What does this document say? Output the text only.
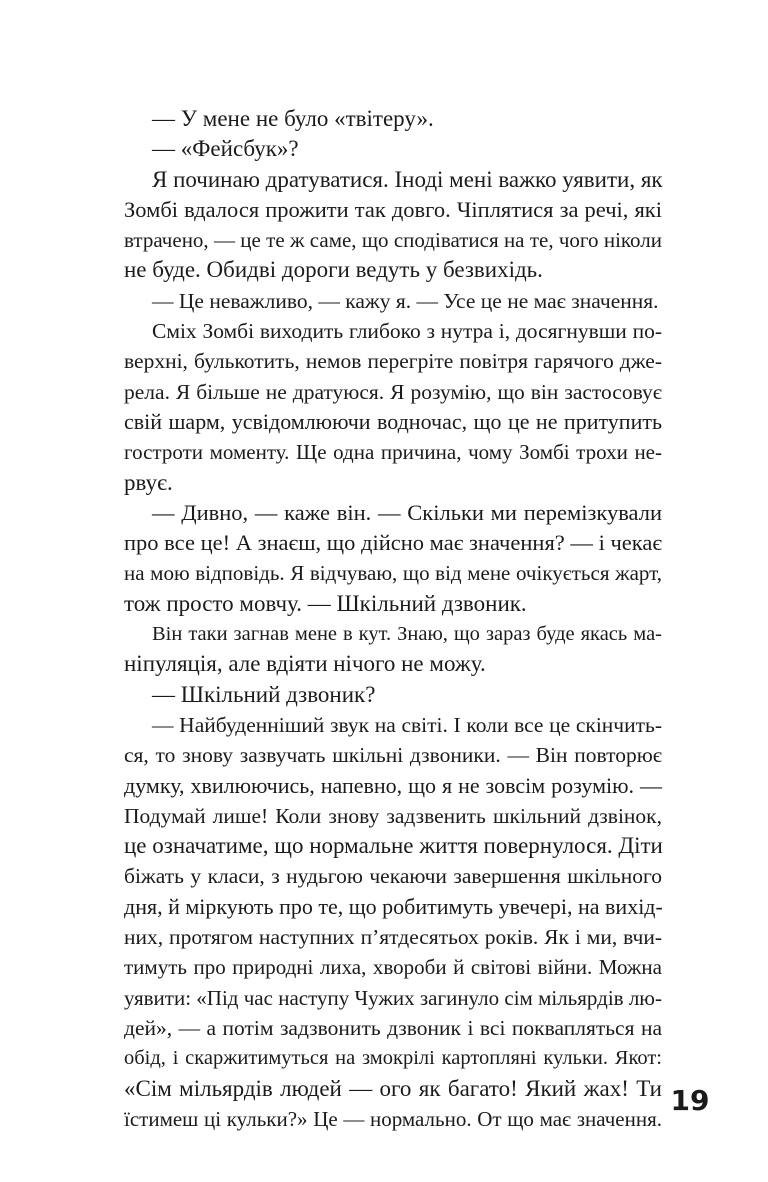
— У мене не було «твітеру».
— «Фейсбук»?
Я починаю дратуватися. Іноді мені важко уявити, як
Зомбі вдалося прожити так довго. Чіплятися за речі, які
втрачено, — це те ж саме, що сподіватися на те, чого ніколи
не буде. Обидві дороги ведуть у безвихідь.
— Це неважливо, — кажу я. — Усе це не має значення.
Сміх Зомбі виходить глибоко з нутра і, досягнувши по-
верхні, булькотить, немов перегріте повітря гарячого дже-
рела. Я більше не дратуюся. Я розумію, що він застосовує
свій шарм, усвідомлюючи водночас, що це не притупить
гостроти моменту. Ще одна причина, чому Зомбі трохи не-
рвує.
— Дивно, — каже він. — Скільки ми перемізкували
про все це! А знаєш, що дійсно має значення? — і чекає
на мою відповідь. Я відчуваю, що від мене очікується жарт,
тож просто мовчу. — Шкільний дзвоник.
Він таки загнав мене в кут. Знаю, що зараз буде якась ма-
ніпуляція, але вдіяти нічого не можу.
— Шкільний дзвоник?
— Найбуденніший звук на світі. І коли все це скінчить-
ся, то знову зазвучать шкільні дзвоники. — Він повторює
думку, хвилюючись, напевно, що я не зовсім розумію. —
Подумай лише! Коли знову задзвенить шкільний дзвінок,
це означатиме, що нормальне життя повернулося. Діти
біжать у класи, з нудьгою чекаючи завершення шкільного
дня, й міркують про те, що робитимуть увечері, на вихід-
них, протягом наступних п’ятдесятьох років. Як і ми, вчи-
тимуть про природні лиха, хвороби й світові війни. Можна
уявити: «Під час наступу Чужих загинуло сім мільярдів лю-
дей», — а потім задзвонить дзвоник і всі поквапляться на
обід, і скаржитимуться на змокрілі картопляні кульки. Якот:
«Сім мільярдів людей — ого як багато! Який жах! Ти
їстимеш ці кульки?» Це — нормально. От що має значення.
19
